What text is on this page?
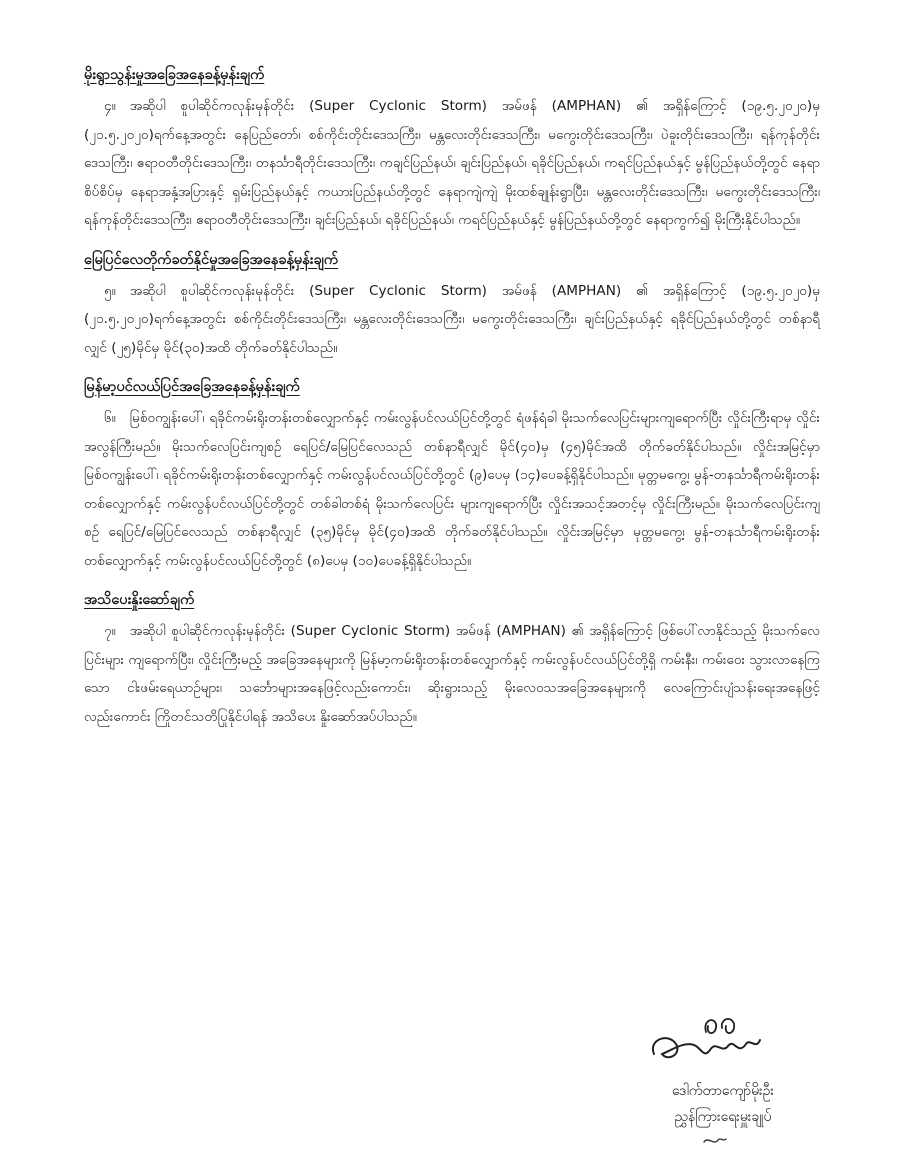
မိုးရွာသွန်းမှုအခြေအနေခန့်မှန်းချက်

၄။ အဆိုပါ စူပါဆိုင်ကလုန်းမုန်တိုင်း (Super Cyclonic Storm) အမ်ဖန် (AMPHAN) ၏ အရှိန်ကြောင့် (၁၉.၅.၂၀၂၀)မှ (၂၁.၅.၂၀၂၀)ရက်နေ့အတွင်း နေပြည်တော်၊ စစ်ကိုင်းတိုင်းဒေသကြီး၊ မန္တလေးတိုင်းဒေသကြီး၊ မကွေးတိုင်းဒေသကြီး၊ ပဲခူးတိုင်းဒေသကြီး၊ ရန်ကုန်တိုင်းဒေသကြီး၊ ဧရာဝတီတိုင်းဒေသကြီး၊ တနင်္သာရီတိုင်းဒေသကြီး၊ ကချင်ပြည်နယ်၊ ချင်းပြည်နယ်၊ ရခိုင်ပြည်နယ်၊ ကရင်ပြည်နယ်နှင့် မွန်ပြည်နယ်တို့တွင် နေရာစိပ်စိပ်မှ နေရာအနှံ့အပြားနှင့် ရှမ်းပြည်နယ်နှင့် ကယားပြည်နယ်တို့တွင် နေရာကျဲကျဲ မိုးထစ်ချုန်းရွာပြီး၊ မန္တလေးတိုင်းဒေသကြီး၊ မကွေးတိုင်းဒေသကြီး၊ ရန်ကုန်တိုင်းဒေသကြီး၊ ဧရာဝတီတိုင်းဒေသကြီး၊ ချင်းပြည်နယ်၊ ရခိုင်ပြည်နယ်၊ ကရင်ပြည်နယ်နှင့် မွန်ပြည်နယ်တို့တွင် နေရာကွက်၍ မိုးကြီးနိုင်ပါသည်။

မြေပြင်လေတိုက်ခတ်နိုင်မှုအခြေအနေခန့်မှန်းချက်

၅။ အဆိုပါ စူပါဆိုင်ကလုန်းမုန်တိုင်း (Super Cyclonic Storm) အမ်ဖန် (AMPHAN) ၏ အရှိန်ကြောင့် (၁၉.၅.၂၀၂၀)မှ (၂၁.၅.၂၀၂၀)ရက်နေ့အတွင်း စစ်ကိုင်းတိုင်းဒေသကြီး၊ မန္တလေးတိုင်းဒေသကြီး၊ မကွေးတိုင်းဒေသကြီး၊ ချင်းပြည်နယ်နှင့် ရခိုင်ပြည်နယ်တို့တွင် တစ်နာရီလျှင် (၂၅)မိုင်မှ မိုင်(၃၀)အထိ တိုက်ခတ်နိုင်ပါသည်။

မြန်မာ့ပင်လယ်ပြင်အခြေအနေခန့်မှန်းချက်

၆။ မြစ်ဝကျွန်းပေါ်၊ ရခိုင်ကမ်းရိုးတန်းတစ်လျှောက်နှင့် ကမ်းလွန်ပင်လယ်ပြင်တို့တွင် ရံဖန်ရံခါ မိုးသက်လေပြင်းများကျရောက်ပြီး လှိုင်းကြီးရာမှ လှိုင်းအလွန်ကြီးမည်။ မိုးသက်လေပြင်းကျစဉ် ရေပြင်/မြေပြင်လေသည် တစ်နာရီလျှင် မိုင်(၄၀)မှ (၄၅)မိုင်အထိ တိုက်ခတ်နိုင်ပါသည်။ လှိုင်းအမြင့်မှာ မြစ်ဝကျွန်းပေါ်၊ ရခိုင်ကမ်းရိုးတန်းတစ်လျှောက်နှင့် ကမ်းလွန်ပင်လယ်ပြင်တို့တွင် (၉)ပေမှ (၁၄)ပေခန့်ရှိနိုင်ပါသည်။ မုတ္တမကွေ့၊ မွန်-တနင်္သာရီကမ်းရိုးတန်းတစ်လျှောက်နှင့် ကမ်းလွန်ပင်လယ်ပြင်တို့တွင် တစ်ခါတစ်ရံ မိုးသက်လေပြင်း များကျရောက်ပြီး လှိုင်းအသင့်အတင့်မှ လှိုင်းကြီးမည်။ မိုးသက်လေပြင်းကျစဉ် ရေပြင်/မြေပြင်လေသည် တစ်နာရီလျှင် (၃၅)မိုင်မှ မိုင်(၄၀)အထိ တိုက်ခတ်နိုင်ပါသည်။ လှိုင်းအမြင့်မှာ မုတ္တမကွေ့၊ မွန်-တနင်္သာရီကမ်းရိုးတန်းတစ်လျှောက်နှင့် ကမ်းလွန်ပင်လယ်ပြင်တို့တွင် (၈)ပေမှ (၁၀)ပေခန့်ရှိနိုင်ပါသည်။

အသိပေးနှိုးဆော်ချက်

၇။ အဆိုပါ စူပါဆိုင်ကလုန်းမုန်တိုင်း (Super Cyclonic Storm) အမ်ဖန် (AMPHAN) ၏ အရှိန်ကြောင့် ဖြစ်ပေါ်လာနိုင်သည့် မိုးသက်လေပြင်းများ ကျရောက်ပြီး၊ လှိုင်းကြီးမည့် အခြေအနေများကို မြန်မာ့ကမ်းရိုးတန်းတစ်လျှောက်နှင့် ကမ်းလွန်ပင်လယ်ပြင်တို့ရှိ ကမ်းနီး၊ ကမ်းဝေး သွားလာနေကြသော ငါးဖမ်းရေယာဉ်များ၊ သင်္ဘောများအနေဖြင့်လည်းကောင်း၊ ဆိုးရွားသည့် မိုးလေဝသအခြေအနေများကို လေကြောင်းပျံသန်းရေးအနေဖြင့်လည်းကောင်း ကြိုတင်သတိပြုနိုင်ပါရန် အသိပေး နှိုးဆော်အပ်ပါသည်။

ဒေါက်တာကျော်မိုးဦး
ညွှန်ကြားရေးမှူးချုပ်
